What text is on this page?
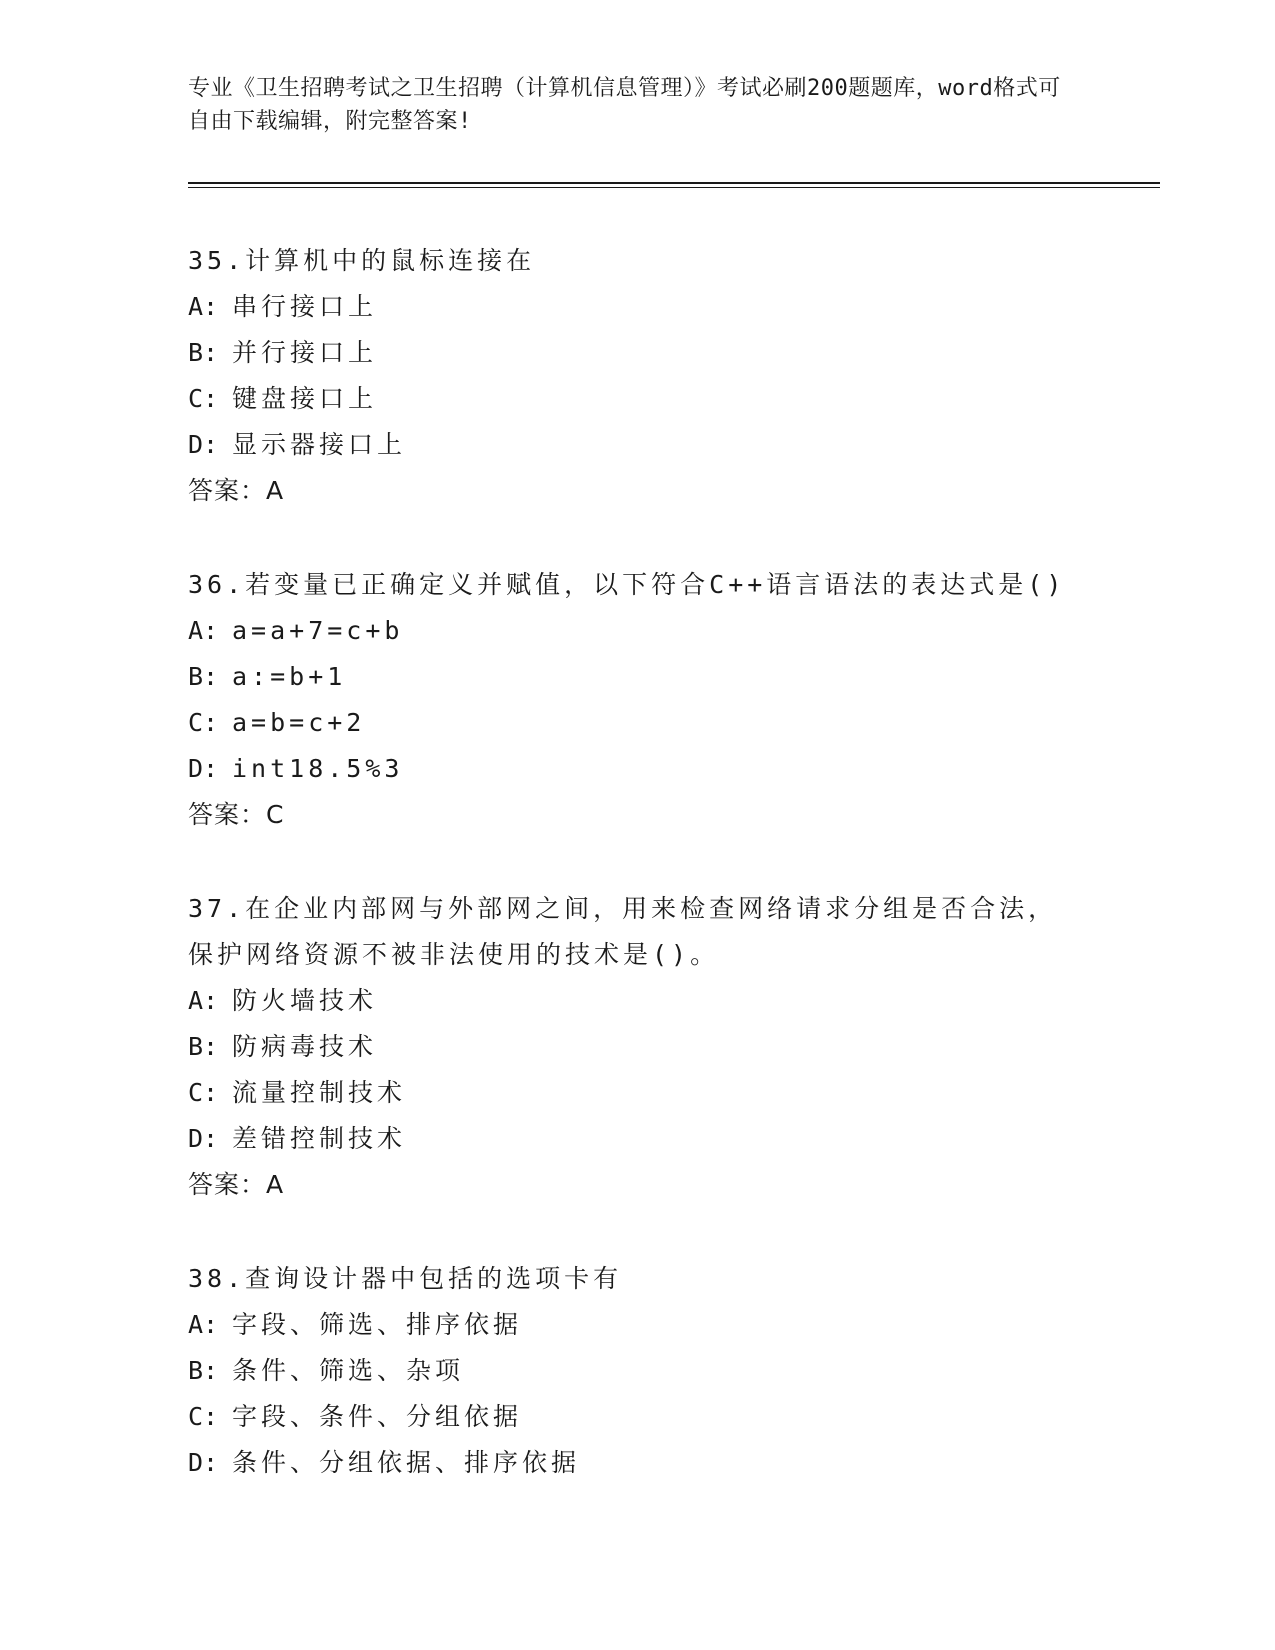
专业《卫生招聘考试之卫生招聘（计算机信息管理）》考试必刷200题题库，word格式可自由下载编辑，附完整答案!
35.计算机中的鼠标连接在
A: 串行接口上
B: 并行接口上
C: 键盘接口上
D: 显示器接口上
答案：A
36.若变量已正确定义并赋值，以下符合C++语言语法的表达式是()
A: a=a+7=c+b
B: a:=b+1
C: a=b=c+2
D: int18.5%3
答案：C
37.在企业内部网与外部网之间，用来检查网络请求分组是否合法，保护网络资源不被非法使用的技术是()。
A: 防火墙技术
B: 防病毒技术
C: 流量控制技术
D: 差错控制技术
答案：A
38.查询设计器中包括的选项卡有
A: 字段、筛选、排序依据
B: 条件、筛选、杂项
C: 字段、条件、分组依据
D: 条件、分组依据、排序依据
